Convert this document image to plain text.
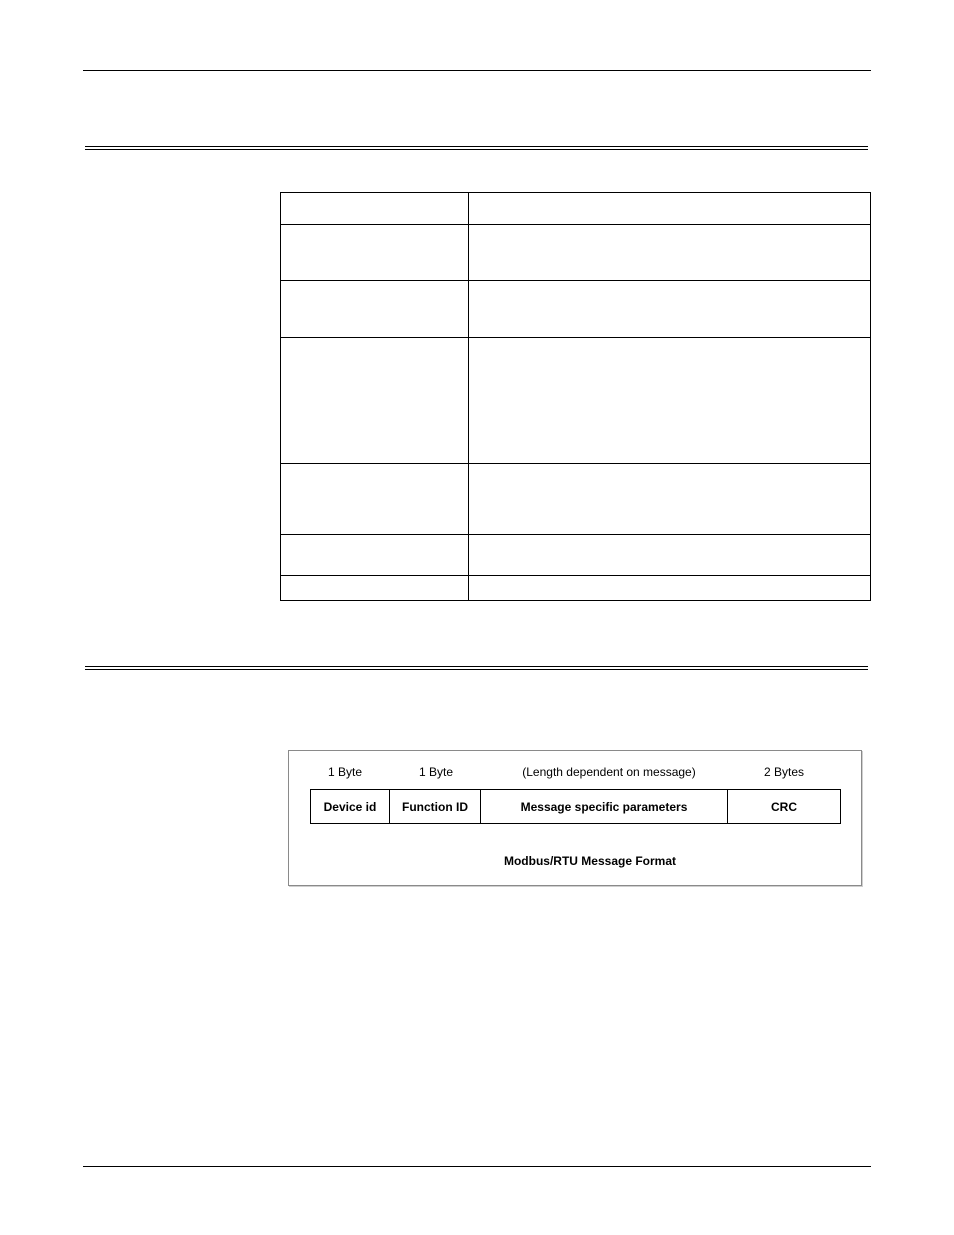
1 Byte	1 Byte	(Length dependent on message)	2 Bytes
Device id	Function ID	Message specific parameters	CRC
Modbus/RTU Message Format
